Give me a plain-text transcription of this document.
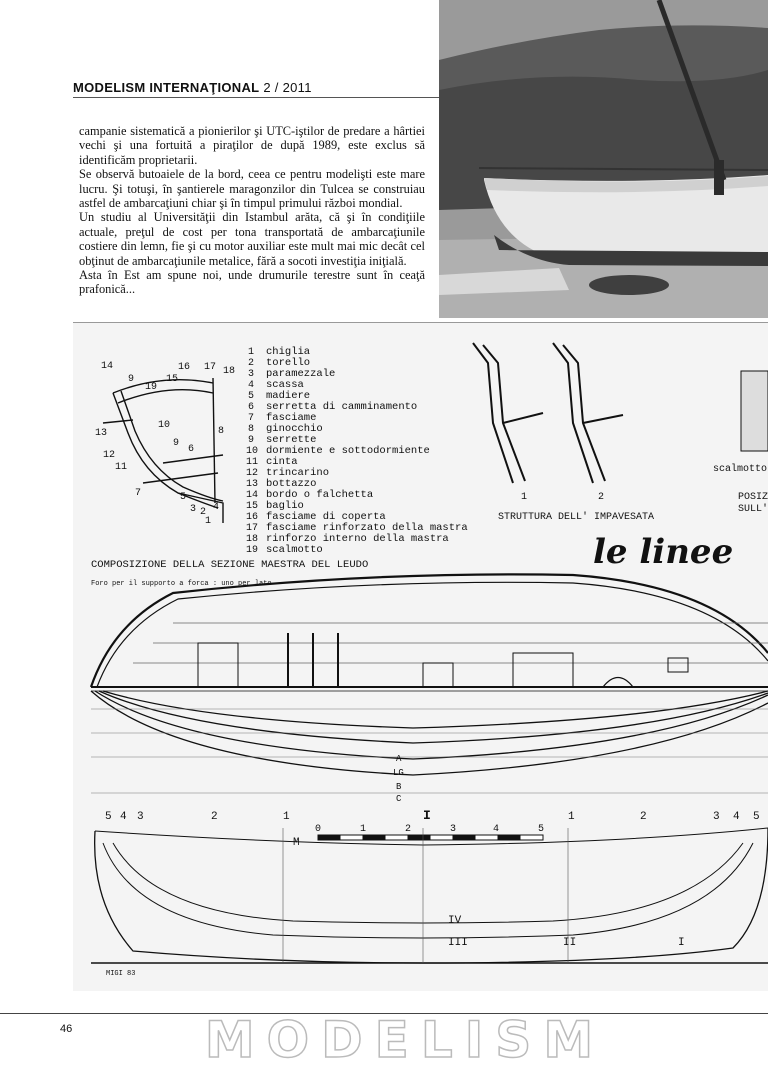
MODELISM INTERNAŢIONAL 2 / 2011

campanie sistematică a pionierilor şi UTC-iştilor de predare a hârtiei vechi şi una fortuită a piraţilor de după 1989, este exclus să identificăm proprietarii.

Se observă butoaiele de la bord, ceea ce pentru modelişti este mare lucru. Şi totuşi, în şantierele maragonzilor din Tulcea se construiau astfel de ambarcaţiuni chiar şi în timpul primului război mondial.

Un studiu al Universităţii din Istambul arăta, că şi în condiţiile actuale, preţul de cost per tona transportată de ambarcaţiunile costiere din lemn, fie şi cu motor auxiliar este mult mai mic decât cel obţinut de ambarcaţiunile metalice, fără a socoti investiţia iniţială.

Asta în Est am spune noi, unde drumurile terestre sunt în ceaţă prafonică...

14
9
19
16
15
17 18
13
10
12
11
9
6
8
7	5
3 2 4
1
1 chiglia
2 torello
3 paramezzale
4 scassa
5 madiere
6 serretta di camminamento
7 fasciame
8 ginocchio
9 serrette
10 dormiente e sottodormiente
11 cinta
12 trincarino
13 bottazzo
14 bordo o falchetta
15 baglio
16 fasciame di coperta
17 fasciame rinforzato della mastra
18 rinforzo interno della mastra
19 scalmotto
1	2
STRUTTURA DELL' IMPAVESATA
scalmotto
POSIZ
SULL'
le linee
COMPOSIZIONE DELLA SEZIONE MAESTRA DEL LEUDO
Foro per il supporto a forca : uno per lato
A
LG
B
C
5 4 3	2	1	I	1	2	3 4 5
M
0	1	2	3	4	5
IV
III	II	I
MIGI 83
46	MODELISM
